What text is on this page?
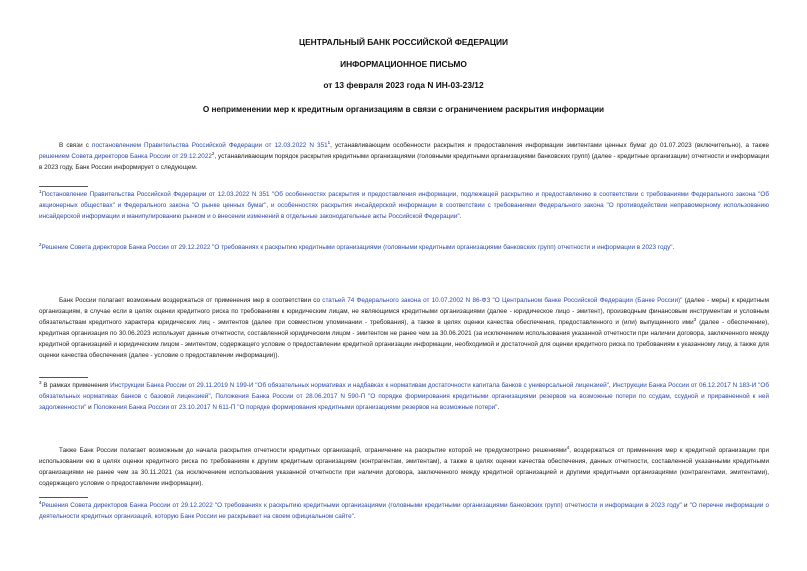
ЦЕНТРАЛЬНЫЙ БАНК РОССИЙСКОЙ ФЕДЕРАЦИИ
ИНФОРМАЦИОННОЕ ПИСЬМО
от 13 февраля 2023 года N ИН-03-23/12
О неприменении мер к кредитным организациям в связи с ограничением раскрытия информации
В связи с постановлением Правительства Российской Федерации от 12.03.2022 N $351^1$, устанавливающим особенности раскрытия и предоставления информации эмитентами ценных бумаг до 01.07.2023 (включительно), а также решением Совета директоров Банка России от 29.12.2022$^2$, устанавливающим порядок раскрытия кредитными организациями (головными кредитными организациями банковских групп) (далее - кредитные организации) отчетности и информации в 2023 году, Банк России информирует о следующем.
$^1$Постановление Правительства Российской Федерации от 12.03.2022 N 351 "Об особенностях раскрытия и предоставления информации, подлежащей раскрытию и предоставлению в соответствии с требованиями Федерального закона "Об акционерных обществах" и Федерального закона "О рынке ценных бумаг", и особенностях раскрытия инсайдерской информации в соответствии с требованиями Федерального закона "О противодействии неправомерному использованию инсайдерской информации и манипулированию рынком и о внесении изменений в отдельные законодательные акты Российской Федерации".
$^2$Решение Совета директоров Банка России от 29.12.2022 "О требованиях к раскрытию кредитными организациями (головными кредитными организациями банковских групп) отчетности и информации в 2023 году".
Банк России полагает возможным воздержаться от применения мер в соответствии со статьей 74 Федерального закона от 10.07.2002 N 86-ФЗ "О Центральном банке Российской Федерации (Банке России)" (далее - меры) к кредитным организациям, в случае если в целях оценки кредитного риска по требованиям к юридическим лицам, не являющимся кредитными организациями (далее - юридическое лицо - эмитент), производным финансовым инструментам и условным обязательствам кредитного характера юридических лиц - эмитентов (далее при совместном упоминании - требования), а также в целях оценки качества обеспечения, предоставленного и (или) выпущенного ими$^3$ (далее - обеспечение), кредитная организация по 30.06.2023 использует данные отчетности, составленной юридическим лицом - эмитентом не ранее чем за 30.06.2021 (за исключением использования указанной отчетности при наличии договора, заключенного между кредитной организацией и юридическим лицом - эмитентом, содержащего условие о предоставлении кредитной организации информации, необходимой и достаточной для оценки кредитного риска по требованиям к указанному лицу, а также для оценки качества обеспечения (далее - условие о предоставлении информации)).
$^3$ В рамках применения Инструкции Банка России от 29.11.2019 N 199-И "Об обязательных нормативах и надбавках к нормативам достаточности капитала банков с универсальной лицензией", Инструкции Банка России от 06.12.2017 N 183-И "Об обязательных нормативах банков с базовой лицензией", Положения Банка России от 28.06.2017 N 590-П "О порядке формирования кредитными организациями резервов на возможные потери по ссудам, ссудной и приравненной к ней задолженности" и Положения Банка России от 23.10.2017 N 611-П "О порядке формирования кредитными организациями резервов на возможные потери".
Также Банк России полагает возможным до начала раскрытия отчетности кредитных организаций, ограничение на раскрытие которой не предусмотрено решениями$^4$, воздержаться от применения мер к кредитной организации при использовании ею в целях оценки кредитного риска по требованиям к другим кредитным организациям (контрагентам, эмитентам), а также в целях оценки качества обеспечения, данных отчетности, составленной указанными кредитными организациями не ранее чем за 30.11.2021 (за исключением использования указанной отчетности при наличии договора, заключенного между кредитной организацией и другими кредитными организациями (контрагентами, эмитентами), содержащего условие о предоставлении информации).
$^4$Решения Совета директоров Банка России от 29.12.2022 "О требованиях к раскрытию кредитными организациями (головными кредитными организациями банковских групп) отчетности и информации в 2023 году" и "О перечне информации о деятельности кредитных организаций, которую Банк России не раскрывает на своем официальном сайте".
